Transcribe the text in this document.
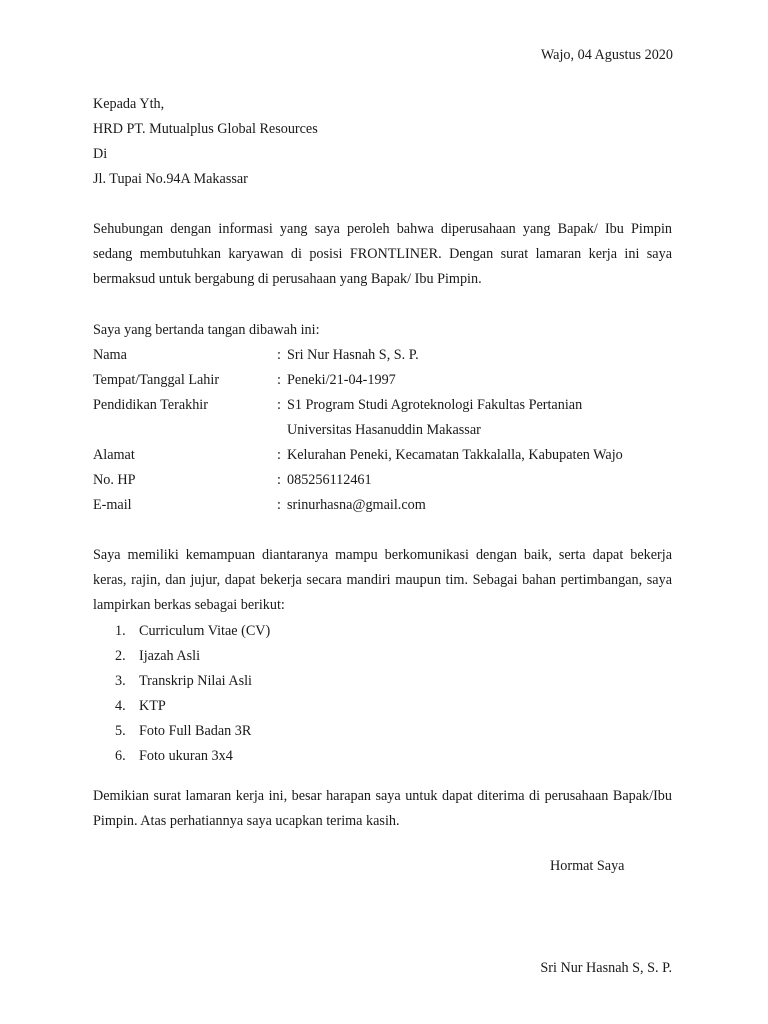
Wajo, 04 Agustus 2020
Kepada Yth,
HRD PT. Mutualplus Global Resources
Di
Jl. Tupai No.94A Makassar
Sehubungan dengan informasi yang saya peroleh bahwa diperusahaan yang Bapak/ Ibu Pimpin sedang membutuhkan karyawan di posisi FRONTLINER. Dengan surat lamaran kerja ini saya bermaksud untuk bergabung di perusahaan yang Bapak/ Ibu Pimpin.
Saya yang bertanda tangan dibawah ini:
Nama	: Sri Nur Hasnah S, S. P.
Tempat/Tanggal Lahir	: Peneki/21-04-1997
Pendidikan Terakhir	: S1 Program Studi Agroteknologi Fakultas Pertanian
Universitas Hasanuddin Makassar
Alamat	: Kelurahan Peneki, Kecamatan Takkalalla, Kabupaten Wajo
No. HP	: 085256112461
E-mail	: srinurhasna@gmail.com
Saya memiliki kemampuan diantaranya mampu berkomunikasi dengan baik, serta dapat bekerja keras, rajin, dan jujur, dapat bekerja secara mandiri maupun tim. Sebagai bahan pertimbangan, saya lampirkan berkas sebagai berikut:
1. Curriculum Vitae (CV)
2. Ijazah Asli
3. Transkrip Nilai Asli
4. KTP
5. Foto Full Badan 3R
6. Foto ukuran 3x4
Demikian surat lamaran kerja ini, besar harapan saya untuk dapat diterima di perusahaan Bapak/Ibu Pimpin. Atas perhatiannya saya ucapkan terima kasih.
Hormat Saya
Sri Nur Hasnah S, S. P.
